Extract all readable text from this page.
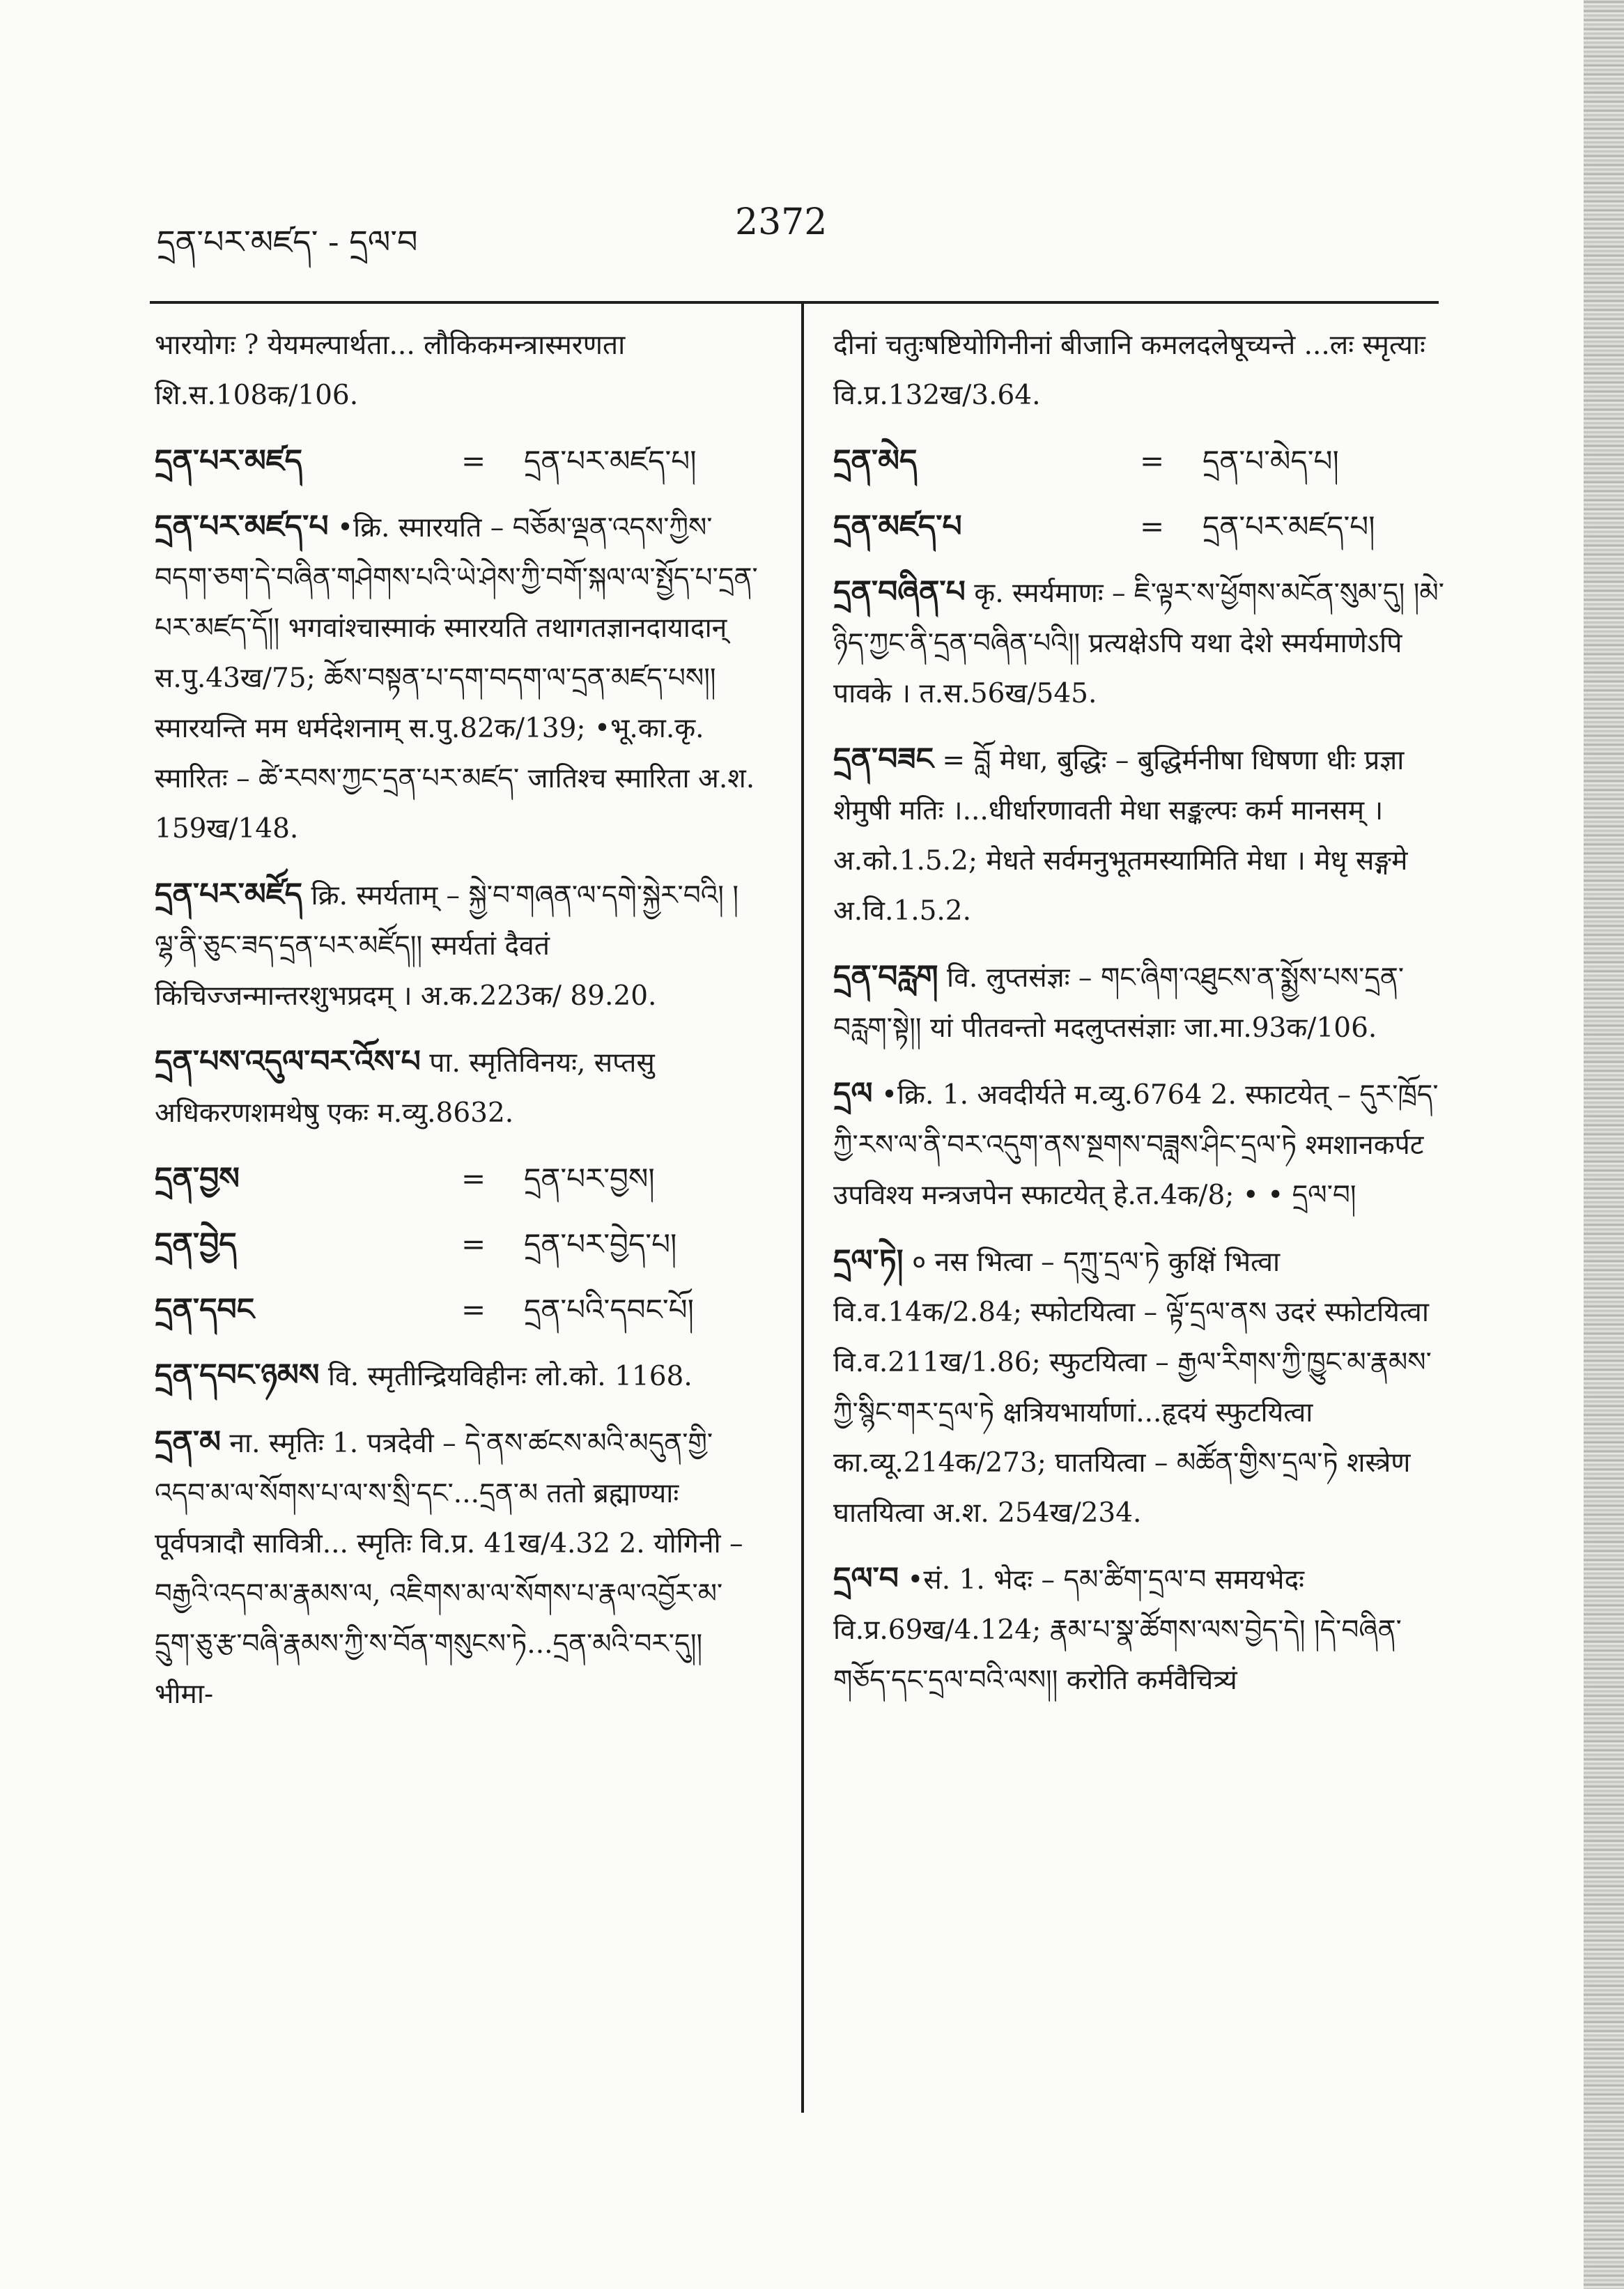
དྲན་པར་མཛད་ - དྲལ་བ	2372

भारयोगः ? येयमल्पार्थता... लौकिकमन्त्रास्मरणता शि.स.108क/106.

དྲན་པར་མཛད	=	དྲན་པར་མཛད་པ།

དྲན་པར་མཛད་པ •क्रि. स्मारयति – བཅོམ་ལྡན་འདས་ཀྱིས་བདག་ཅག་དེ་བཞིན་གཤེགས་པའི་ཡེ་ཤེས་ཀྱི་བགོ་སྐལ་ལ་སྤྱོད་པ་དྲན་པར་མཛད་དོ།། भगवांश्चास्माकं स्मारयति तथागतज्ञानदायादान् स.पु.43ख/75; ཆོས་བསྟན་པ་དག་བདག་ལ་དྲན་མཛད་པས།། स्मारयन्ति मम धर्मदेशनाम् स.पु.82क/139; •भू.का.कृ. स्मारितः – ཚེ་རབས་ཀྱང་དྲན་པར་མཛད་ जातिश्च स्मारिता अ.श. 159ख/148.

དྲན་པར་མཛོད क्रि. स्मर्यताम् – སྐྱེ་བ་གཞན་ལ་དགེ་སྐྱེར་བའི། །ལྷ་ནི་ཅུང་ཟད་དྲན་པར་མཛོད།། स्मर्यतां दैवतं किंचिज्जन्मान्तरशुभप्रदम् । अ.क.223क/ 89.20.

དྲན་པས་འདུལ་བར་འོས་པ पा. स्मृतिविनयः, सप्तसु अधिकरणशमथेषु एकः म.व्यु.8632.

དྲན་བྱས	=	དྲན་པར་བྱས།
དྲན་བྱེད	=	དྲན་པར་བྱེད་པ།
དྲན་དབང	=	དྲན་པའི་དབང་པོ།

དྲན་དབང་ཉམས वि. स्मृतीन्द्रियविहीनः लो.को. 1168.

དྲན་མ ना. स्मृतिः 1. पत्रदेवी – དེ་ནས་ཚངས་མའི་མདུན་གྱི་འདབ་མ་ལ་སོགས་པ་ལ་ས་སྲི་དང་...དྲན་མ ततो ब्रह्माण्याः पूर्वपत्रादौ सावित्री... स्मृतिः वि.प्र. 41ख/4.32 2. योगिनी – བརྒྱའི་འདབ་མ་རྣམས་ལ, འཇིགས་མ་ལ་སོགས་པ་རྣལ་འབྱོར་མ་དྲུག་ཅུ་རྩ་བཞི་རྣམས་ཀྱི་ས་བོན་གསུངས་ཏེ...དྲན་མའི་བར་དུ།། भीमा-

दीनां चतुःषष्टियोगिनीनां बीजानि कमलदलेषूच्यन्ते ...लः स्मृत्याः वि.प्र.132ख/3.64.

དྲན་མེད	=	དྲན་པ་མེད་པ།
དྲན་མཛད་པ	=	དྲན་པར་མཛད་པ།

དྲན་བཞིན་པ कृ. स्मर्यमाणः – ཇི་ལྟར་ས་ཕྱོགས་མངོན་སུམ་དུ། །མེ་ཉིད་ཀྱང་ནི་དྲན་བཞིན་པའི།། प्रत्यक्षेऽपि यथा देशे स्मर्यमाणेऽपि पावके । त.स.56ख/545.

དྲན་བཟང = བློ मेधा, बुद्धिः – बुद्धिर्मनीषा धिषणा धीः प्रज्ञा शेमुषी मतिः ।...धीर्धारणावती मेधा सङ्कल्पः कर्म मानसम् । अ.को.1.5.2; मेधते सर्वमनुभूतमस्यामिति मेधा । मेधृ सङ्गमे अ.वि.1.5.2.

དྲན་བརླག वि. लुप्तसंज्ञः – གང་ཞིག་འཐུངས་ན་སྨྱོས་པས་དྲན་བརླག་སྟེ།། यां पीतवन्तो मदलुप्तसंज्ञाः जा.मा.93क/106.

དྲལ •क्रि. 1. अवदीर्यते म.व्यु.6764 2. स्फाटयेत् – དུར་ཁྲོད་ཀྱི་རས་ལ་ནི་བར་འདུག་ནས་སྔགས་བཟླས་ཤིང་དྲལ་ཏེ श्मशानकर्पट उपविश्य मन्त्रजपेन स्फाटयेत् हे.त.4क/8; • • དྲལ་བ།

དྲལ་ཏེ། ० नस भित्वा – དཀྲུ་དྲལ་ཏེ कुक्षिं भित्वा वि.व.14क/2.84; स्फोटयित्वा – ལྟོ་དྲལ་ནས उदरं स्फोटयित्वा वि.व.211ख/1.86; स्फुटयित्वा – རྒྱལ་རིགས་ཀྱི་ཁྱུང་མ་རྣམས་ཀྱི་སྙིང་གར་དྲལ་ཏེ क्षत्रियभार्याणां...हृदयं स्फुटयित्वा का.व्यू.214क/273; घातयित्वा – མཚོན་གྱིས་དྲལ་ཏེ शस्त्रेण घातयित्वा अ.श. 254ख/234.

དྲལ་བ •सं. 1. भेदः – དམ་ཚིག་དྲལ་བ समयभेदः वि.प्र.69ख/4.124; རྣམ་པ་སྣ་ཚོགས་ལས་བྱེད་དེ། །དེ་བཞིན་གཅོད་དང་དྲལ་བའི་ལས།། करोति कर्मवैचित्र्यं
